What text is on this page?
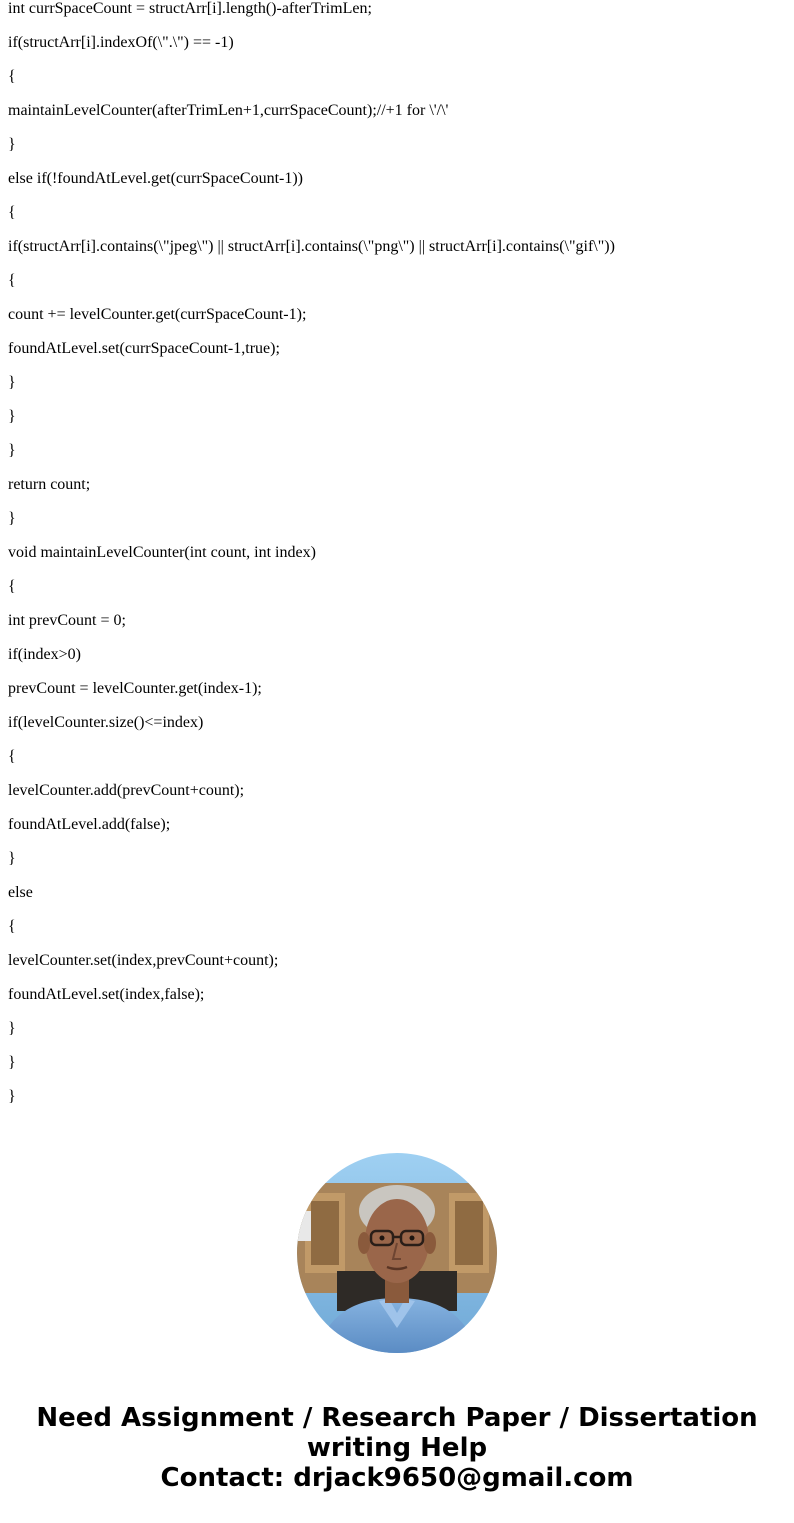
int currSpaceCount = structArr[i].length()-afterTrimLen;

if(structArr[i].indexOf(\".\") == -1)

{

maintainLevelCounter(afterTrimLen+1,currSpaceCount);//+1 for \'/\'

}

else if(!foundAtLevel.get(currSpaceCount-1))

{

if(structArr[i].contains(\"jpeg\") || structArr[i].contains(\"png\") || structArr[i].contains(\"gif\"))

{

count += levelCounter.get(currSpaceCount-1);

foundAtLevel.set(currSpaceCount-1,true);

}

}

}

return count;

}

void maintainLevelCounter(int count, int index)

{

int prevCount = 0;

if(index>0)

prevCount = levelCounter.get(index-1);

if(levelCounter.size()<=index)

{

levelCounter.add(prevCount+count);

foundAtLevel.add(false);

}

else

{

levelCounter.set(index,prevCount+count);

foundAtLevel.set(index,false);

}

}

}

Need Assignment / Research Paper / Dissertation
writing Help
Contact: drjack9650@gmail.com
